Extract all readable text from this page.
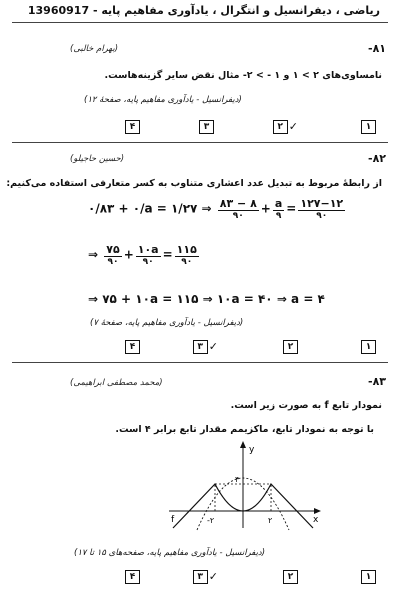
ریاضی ، دیفرانسیل و انتگرال ، یادآوری مفاهیم پایه - 13960917
-۸۱
(بهرام خالبی)
نامساوی‌های ۲ > ۱ و ۱ - > ۲- مثال نقض سایر گزینه‌هاست.
(دیفرانسیل - یادآوری مفاهیم پایه، صفحهٔ ۱۲)
۱
۲ ✓
۳
۴
-۸۲
(حسین حاجیلو)
از رابطهٔ مربوط به تبدیل عدد اعشاری متناوب به کسر متعارفی استفاده می‌کنیم:
۰/۸۳ + ۰/a = ۱/۲۷ ⇒ $\frac{۸۳ - ۸}{۹۰} + \frac{a}{۹} = \frac{۱۲۷-۱۲}{۹۰}$
⇒ $\frac{۷۵}{۹۰} + \frac{۱۰a}{۹۰} = \frac{۱۱۵}{۹۰}$
⇒ ۷۵ + ۱۰a = ۱۱۵ ⇒ ۱۰a = ۴۰ ⇒ a = ۴
(دیفرانسیل - یادآوری مفاهیم پایه، صفحهٔ ۷)
۱
۲
۳ ✓
۴
-۸۳
(محمد مصطفی ابراهیمی)
نمودار تابع f به صورت زیر است.
با توجه به نمودار تابع، ماکزیمم مقدار تابع برابر ۴ است.
y
x
۴
-۲	۲
f
(دیفرانسیل - یادآوری مفاهیم پایه، صفحه‌های ۱۵ تا ۱۷)
۱
۲
۳ ✓
۴
